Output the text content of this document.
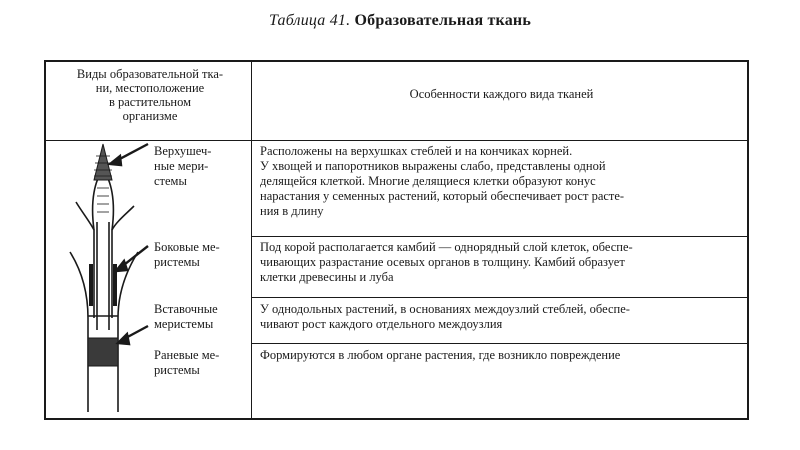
Таблица 41. Образовательная ткань
Виды образовательной тка-
ни, местоположение
в растительном
организме
Особенности каждого вида тканей
Верхушеч-
ные мери-
стемы
Расположены на верхушках стеблей и на кончиках корней.
У хвощей и папоротников выражены слабо, представлены одной
делящейся клеткой. Многие делящиеся клетки образуют конус
нарастания у семенных растений, который обеспечивает рост расте-
ния в длину
Боковые ме-
ристемы
Под корой располагается камбий — однорядный слой клеток, обеспе-
чивающих разрастание осевых органов в толщину. Камбий образует
клетки древесины и луба
Вставочные
меристемы
У однодольных растений, в основаниях междоузлий стеблей, обеспе-
чивают рост каждого отдельного междоузлия
Раневые ме-
ристемы
Формируются в любом органе растения, где возникло повреждение
